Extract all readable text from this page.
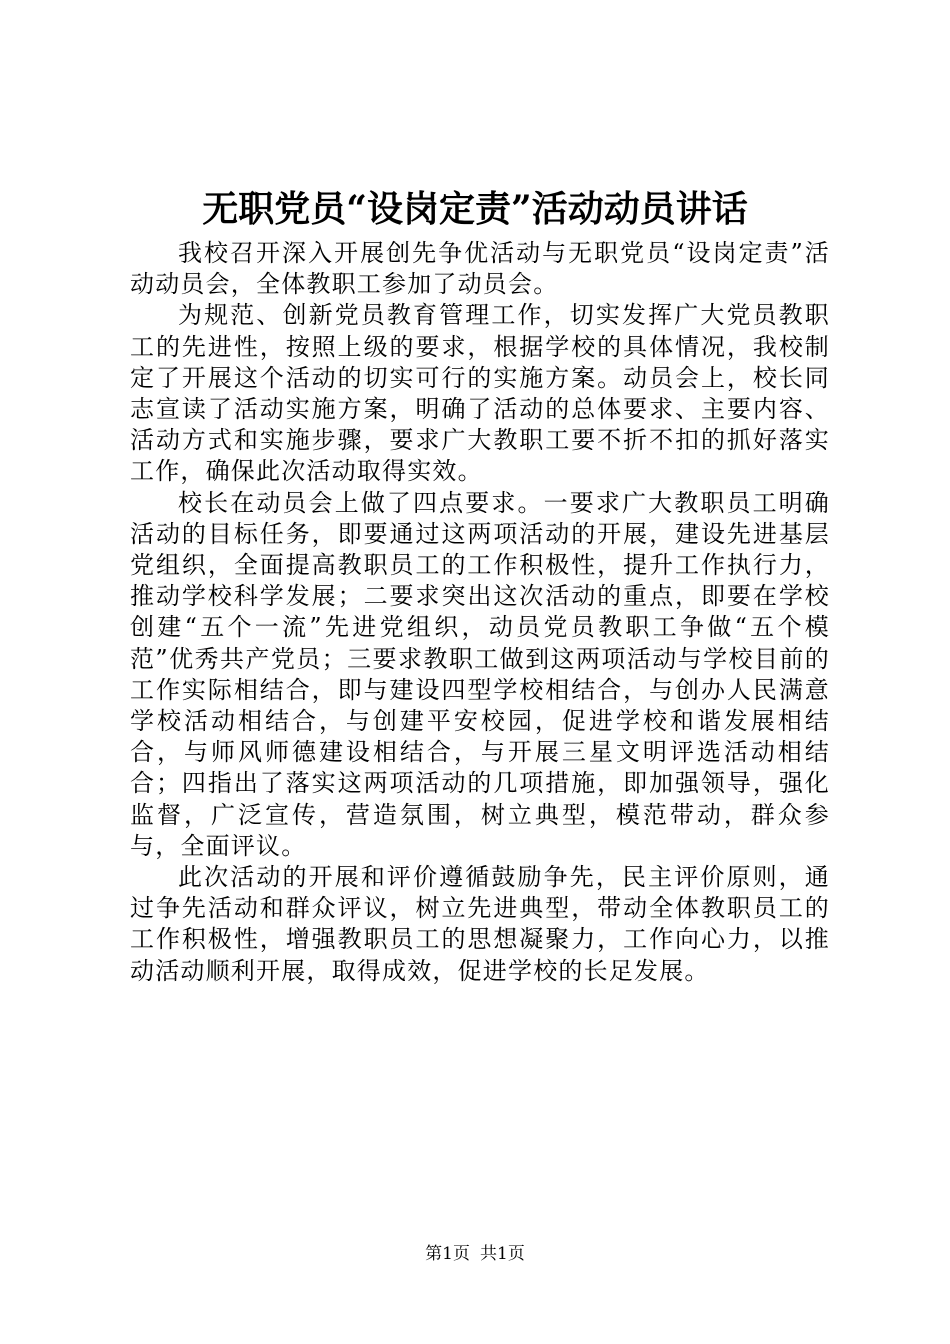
无职党员“设岗定责”活动动员讲话

我校召开深入开展创先争优活动与无职党员“设岗定责”活动动员会，全体教职工参加了动员会。

为规范、创新党员教育管理工作，切实发挥广大党员教职工的先进性，按照上级的要求，根据学校的具体情况，我校制定了开展这个活动的切实可行的实施方案。动员会上，校长同志宣读了活动实施方案，明确了活动的总体要求、主要内容、活动方式和实施步骤，要求广大教职工要不折不扣的抓好落实工作，确保此次活动取得实效。

校长在动员会上做了四点要求。一要求广大教职员工明确活动的目标任务，即要通过这两项活动的开展，建设先进基层党组织，全面提高教职员工的工作积极性，提升工作执行力，推动学校科学发展；二要求突出这次活动的重点，即要在学校创建“五个一流”先进党组织，动员党员教职工争做“五个模范”优秀共产党员；三要求教职工做到这两项活动与学校目前的工作实际相结合，即与建设四型学校相结合，与创办人民满意学校活动相结合，与创建平安校园，促进学校和谐发展相结合，与师风师德建设相结合，与开展三星文明评选活动相结合；四指出了落实这两项活动的几项措施，即加强领导，强化监督，广泛宣传，营造氛围，树立典型，模范带动，群众参与，全面评议。

此次活动的开展和评价遵循鼓励争先，民主评价原则，通过争先活动和群众评议，树立先进典型，带动全体教职员工的工作积极性，增强教职员工的思想凝聚力，工作向心力，以推动活动顺利开展，取得成效，促进学校的长足发展。

第1页 共1页
